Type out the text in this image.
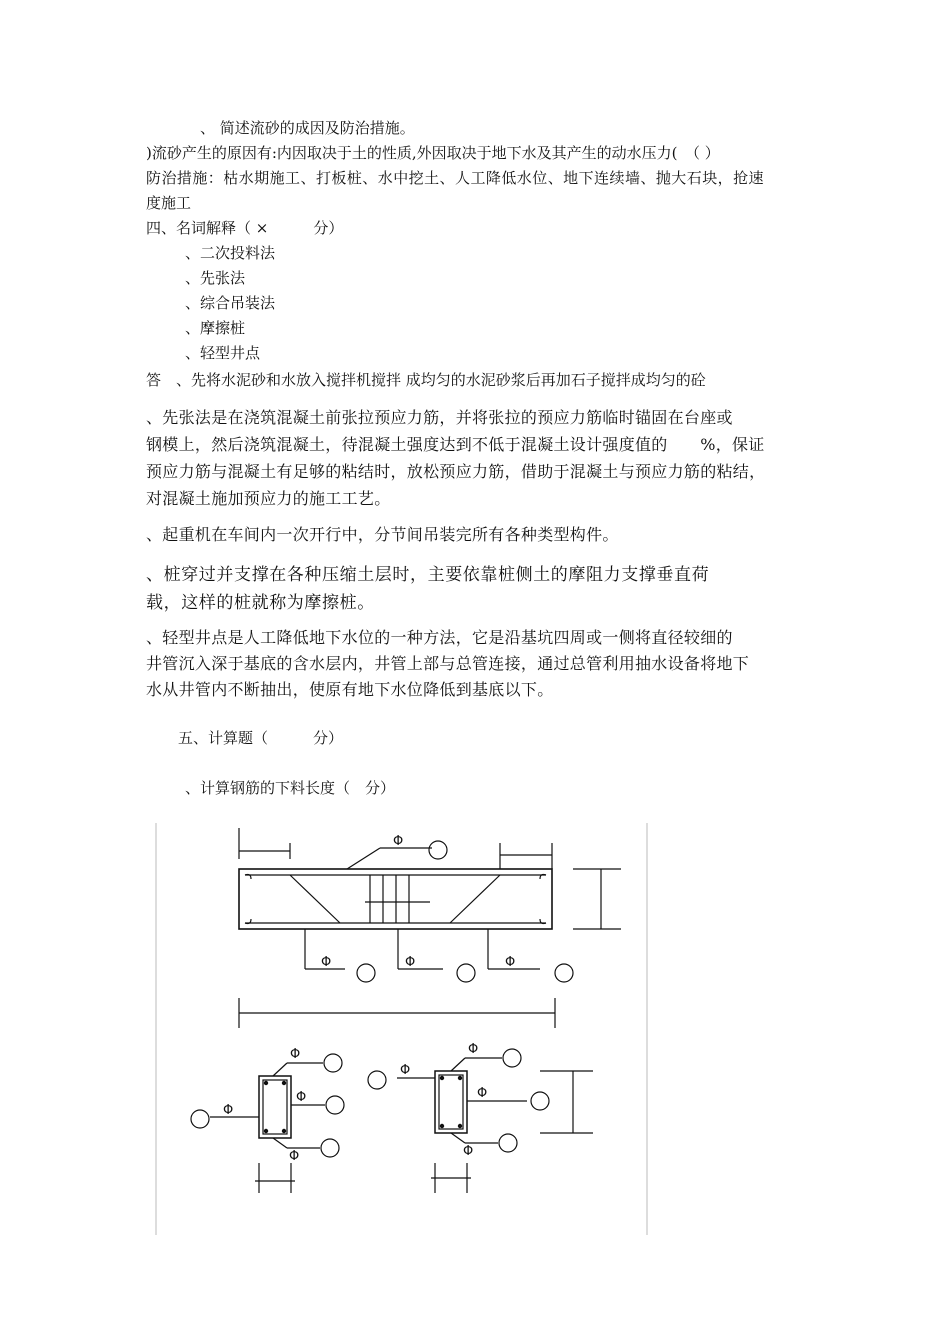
、 简述流砂的成因及防治措施。
)流砂产生的原因有:内因取决于土的性质,外因取决于地下水及其产生的动水压力(　（ ）
防治措施：枯水期施工、打板桩、水中挖土、人工降低水位、地下连续墙、抛大石块，抢速
度施工
四、名词解释（ ×　　　分）
、二次投料法
、先张法
、综合吊装法
、摩擦桩
、轻型井点
答　、先将水泥砂和水放入搅拌机搅拌 成均匀的水泥砂浆后再加石子搅拌成均匀的砼
、先张法是在浇筑混凝土前张拉预应力筋，并将张拉的预应力筋临时锚固在台座或
钢模上，然后浇筑混凝土，待混凝土强度达到不低于混凝土设计强度值的　　%，保证
预应力筋与混凝土有足够的粘结时，放松预应力筋，借助于混凝土与预应力筋的粘结，
对混凝土施加预应力的施工工艺。
、起重机在车间内一次开行中，分节间吊装完所有各种类型构件。
、桩穿过并支撑在各种压缩土层时，主要依靠桩侧土的摩阻力支撑垂直荷
载，这样的桩就称为摩擦桩。
、轻型井点是人工降低地下水位的一种方法，它是沿基坑四周或一侧将直径较细的
井管沉入深于基底的含水层内，井管上部与总管连接，通过总管利用抽水设备将地下
水从井管内不断抽出，使原有地下水位降低到基底以下。
五、计算题（　　　分）
、计算钢筋的下料长度（　分）
Φ
Φ	Φ	Φ
Φ
Φ
Φ
Φ
Φ
Φ
Φ
Φ
